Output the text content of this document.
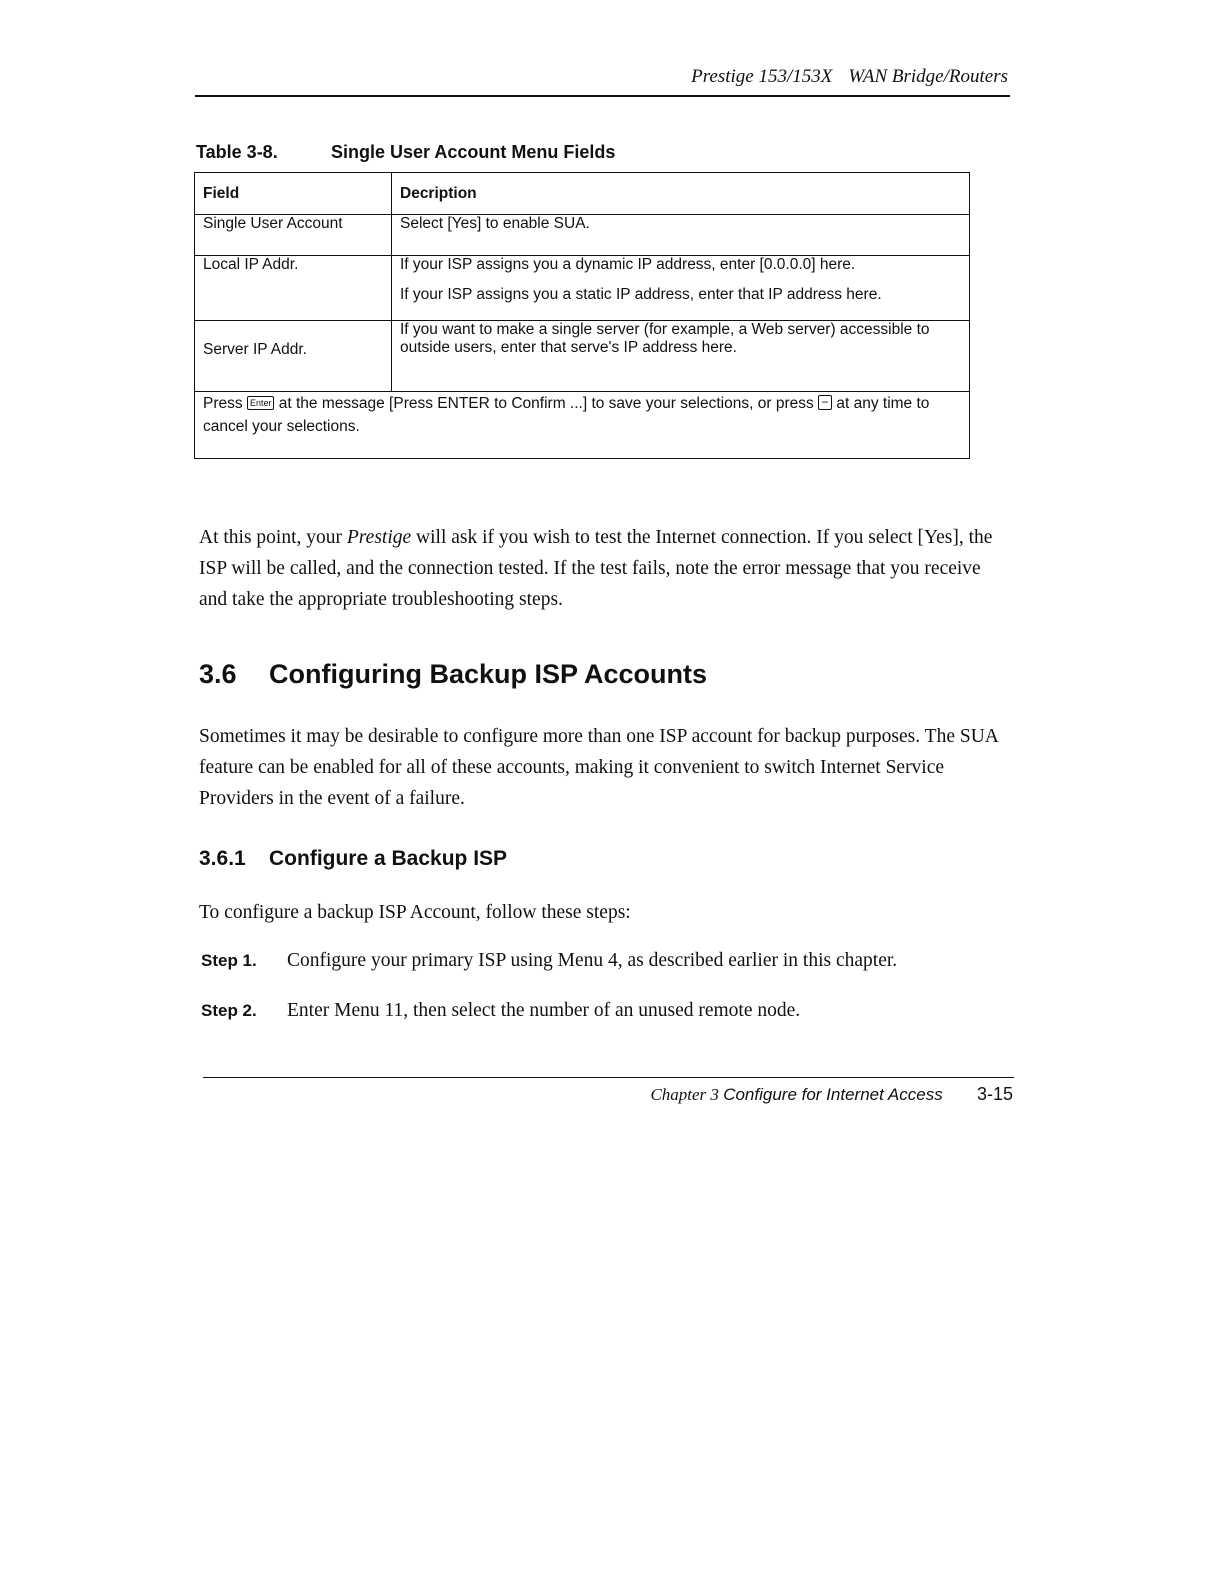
Prestige 153/153X WAN Bridge/Routers
Table 3-8.	Single User Account Menu Fields
Field	Decription
Single User Account	Select [Yes] to enable SUA.
Local IP Addr.	If your ISP assigns you a dynamic IP address, enter [0.0.0.0] here.
If your ISP assigns you a static IP address, enter that IP address here.

Server IP Addr.	If you want to make a single server (for example, a Web server) accessible to outside users, enter that serve's IP address here.
Press Enter at the message [Press ENTER to Confirm ...] to save your selections, or press − at any time to cancel your selections.	
At this point, your Prestige will ask if you wish to test the Internet connection. If you select [Yes], the ISP will be called, and the connection tested. If the test fails, note the error message that you receive and take the appropriate troubleshooting steps.
3.6 Configuring Backup ISP Accounts
Sometimes it may be desirable to configure more than one ISP account for backup purposes. The SUA feature can be enabled for all of these accounts, making it convenient to switch Internet Service Providers in the event of a failure.
3.6.1 Configure a Backup ISP
To configure a backup ISP Account, follow these steps:
Step 1. Configure your primary ISP using Menu 4, as described earlier in this chapter.
Step 2. Enter Menu 11, then select the number of an unused remote node.
Chapter 3 Configure for Internet Access 3-15
